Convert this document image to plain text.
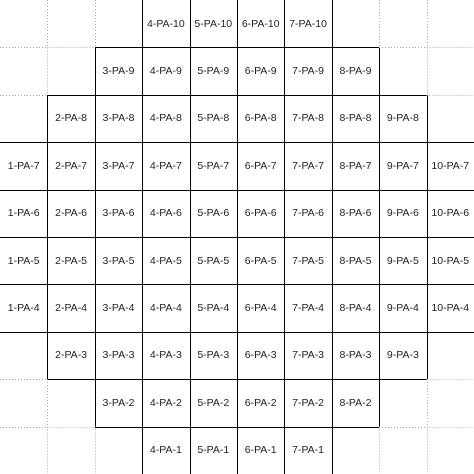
4-PA-10 5-PA-10 6-PA-10 7-PA-10
3-PA-9	4-PA-9	5-PA-9	6-PA-9	7-PA-9	8-PA-9
2-PA-8	3-PA-8	4-PA-8	5-PA-8	6-PA-8	7-PA-8	8-PA-8	9-PA-8
1-PA-7	2-PA-7	3-PA-7	4-PA-7	5-PA-7	6-PA-7	7-PA-7	8-PA-7	9-PA-7	10-PA-7
1-PA-6	2-PA-6	3-PA-6	4-PA-6	5-PA-6	6-PA-6	7-PA-6	8-PA-6	9-PA-6	10-PA-6
1-PA-5	2-PA-5	3-PA-5	4-PA-5	5-PA-5	6-PA-5	7-PA-5	8-PA-5	9-PA-5	10-PA-5
1-PA-4	2-PA-4	3-PA-4	4-PA-4	5-PA-4	6-PA-4	7-PA-4	8-PA-4	9-PA-4	10-PA-4
2-PA-3	3-PA-3	4-PA-3	5-PA-3	6-PA-3	7-PA-3	8-PA-3	9-PA-3
3-PA-2	4-PA-2	5-PA-2	6-PA-2	7-PA-2	8-PA-2
4-PA-1	5-PA-1	6-PA-1	7-PA-1
